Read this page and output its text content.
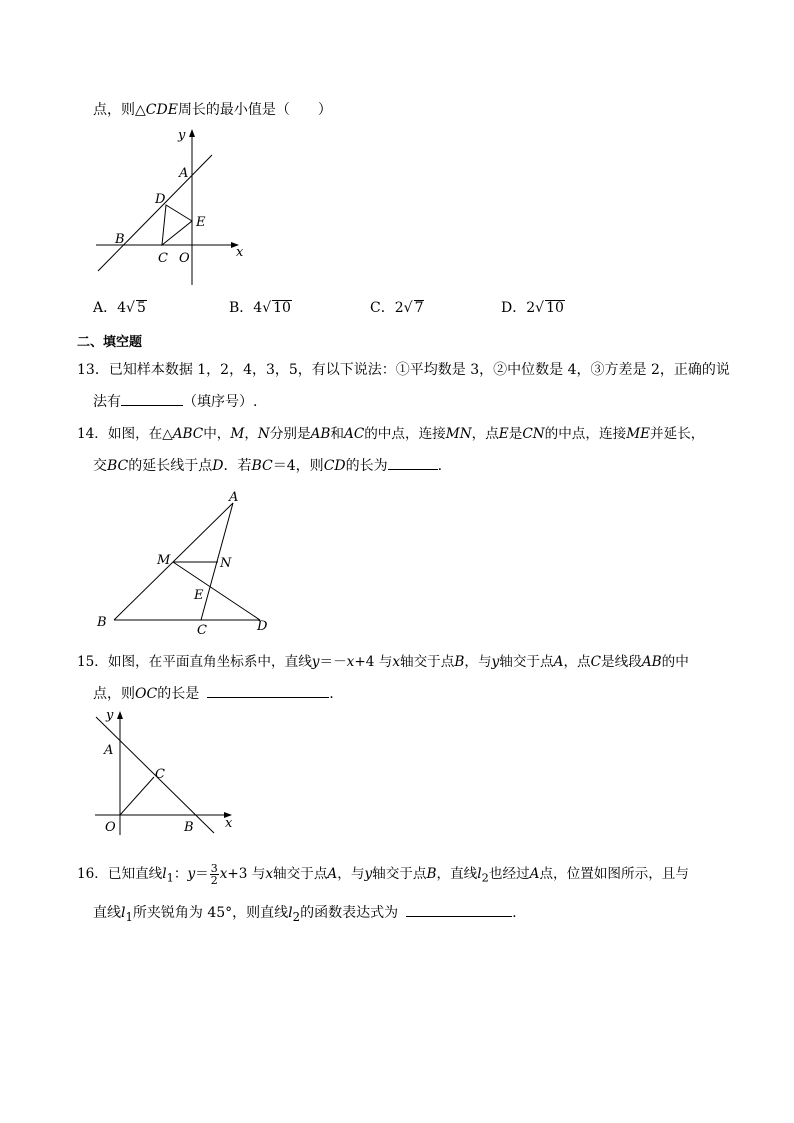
点，则△CDE周长的最小值是（　　）
y
x
A
B
D
E
C O
A．4√ 5	B．4√ 10	C．2√ 7	D．2√ 10
二、填空题
13．已知样本数据 1，2，4，3，5，有以下说法：①平均数是 3，②中位数是 4，③方差是 2，正确的说
法有	（填序号）.
14．如图，在△ABC中，M，N分别是AB和AC的中点，连接MN，点E是CN的中点，连接ME并延长，
交BC的延长线于点D．若BC＝4，则CD的长为	.
A
M	N
E
B
C	D
15．如图，在平面直角坐标系中，直线y＝－x+4 与x轴交于点B，与y轴交于点A，点C是线段AB的中
点，则OC的长是	.
y
x
A
C
O	B
16．已知直线$l_1$：$y= \frac{3}{2} x+3$ 与x轴交于点A，与y轴交于点B，直线$l_2$也经过A点，位置如图所示，且与
直线$l_1$所夹锐角为 45°，则直线$l_2$的函数表达式为	.
